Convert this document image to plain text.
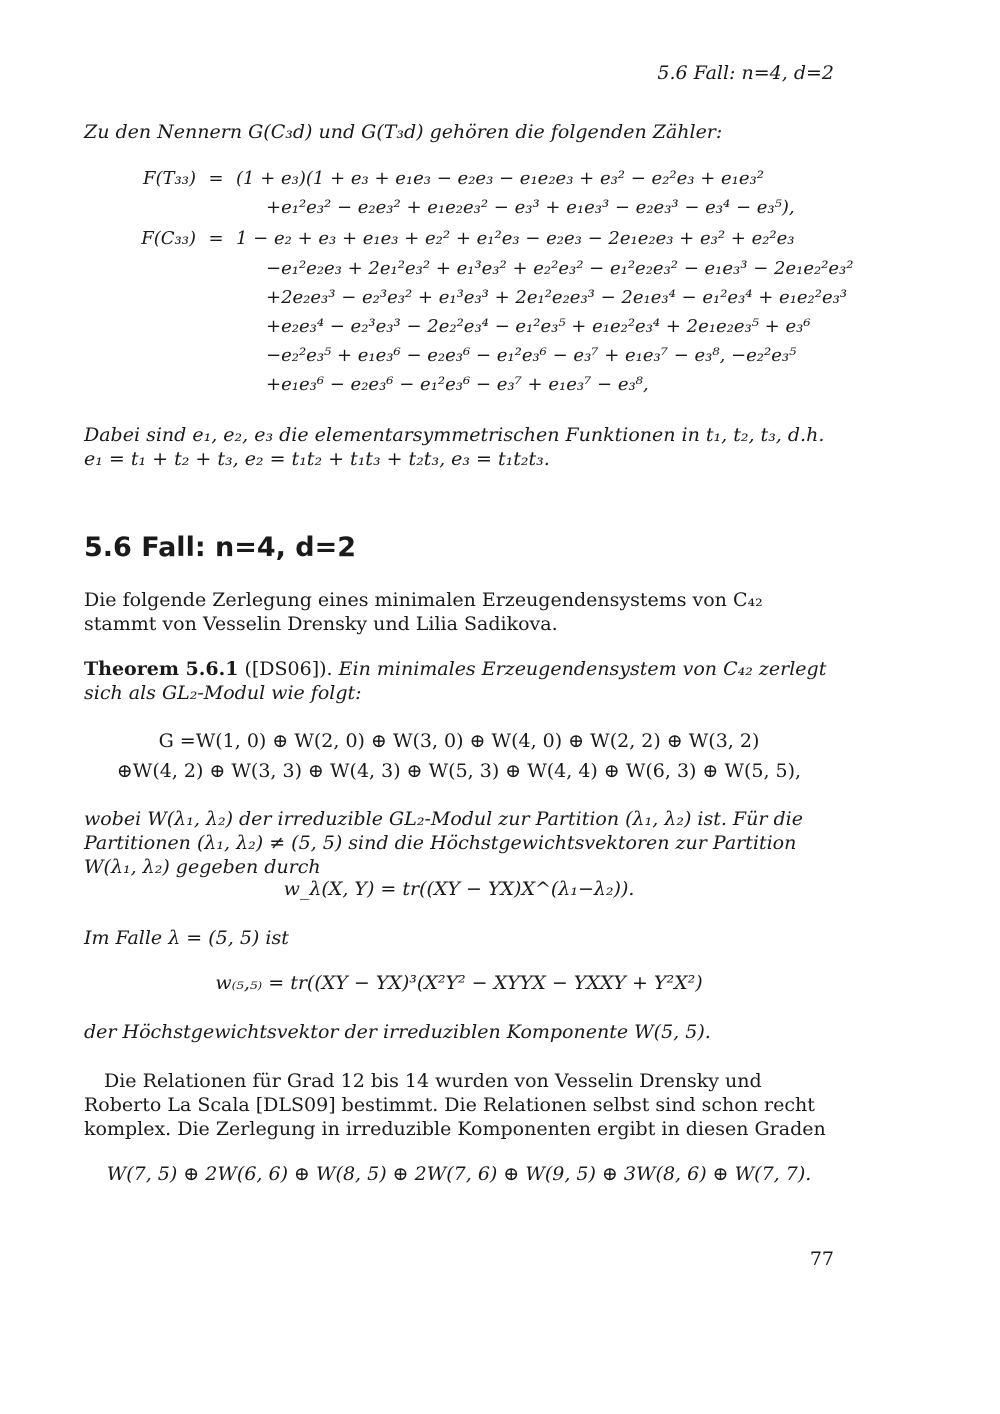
5.6 Fall: n=4, d=2
Zu den Nennern G(C₃d) und G(T₃d) gehören die folgenden Zähler:
F(T₃₃) = (1 + e₃)(1 + e₃ + e₁e₃ − e₂e₃ − e₁e₂e₃ + e₃² − e₂²e₃ + e₁e₃²
+e₁²e₃² − e₂e₃² + e₁e₂e₃² − e₃³ + e₁e₃³ − e₂e₃³ − e₃⁴ − e₃⁵),
F(C₃₃) = 1 − e₂ + e₃ + e₁e₃ + e₂² + e₁²e₃ − e₂e₃ − 2e₁e₂e₃ + e₃² + e₂²e₃
−e₁²e₂e₃ + 2e₁²e₃² + e₁³e₃² + e₂²e₃² − e₁²e₂e₃² − e₁e₃³ − 2e₁e₂²e₃²
+2e₂e₃³ − e₂³e₃² + e₁³e₃³ + 2e₁²e₂e₃³ − 2e₁e₃⁴ − e₁²e₃⁴ + e₁e₂²e₃³
+e₂e₃⁴ − e₂³e₃³ − 2e₂²e₃⁴ − e₁²e₃⁵ + e₁e₂²e₃⁴ + 2e₁e₂e₃⁵ + e₃⁶
−e₂²e₃⁵ + e₁e₃⁶ − e₂e₃⁶ − e₁²e₃⁶ − e₃⁷ + e₁e₃⁷ − e₃⁸, −e₂²e₃⁵
+e₁e₃⁶ − e₂e₃⁶ − e₁²e₃⁶ − e₃⁷ + e₁e₃⁷ − e₃⁸,
Dabei sind e₁, e₂, e₃ die elementarsymmetrischen Funktionen in t₁, t₂, t₃, d.h. e₁ = t₁ + t₂ + t₃, e₂ = t₁t₂ + t₁t₃ + t₂t₃, e₃ = t₁t₂t₃.
5.6 Fall: n=4, d=2
Die folgende Zerlegung eines minimalen Erzeugendensystems von C₄₂ stammt von Vesselin Drensky und Lilia Sadikova.
Theorem 5.6.1 ([DS06]). Ein minimales Erzeugendensystem von C₄₂ zerlegt sich als GL₂-Modul wie folgt:
G =W(1, 0) ⊕ W(2, 0) ⊕ W(3, 0) ⊕ W(4, 0) ⊕ W(2, 2) ⊕ W(3, 2)
⊕W(4, 2) ⊕ W(3, 3) ⊕ W(4, 3) ⊕ W(5, 3) ⊕ W(4, 4) ⊕ W(6, 3) ⊕ W(5, 5),
wobei W(λ₁, λ₂) der irreduzible GL₂-Modul zur Partition (λ₁, λ₂) ist. Für die Partitionen (λ₁, λ₂) ≠ (5, 5) sind die Höchstgewichtsvektoren zur Partition W(λ₁, λ₂) gegeben durch
w_λ(X, Y) = tr((XY − YX)X^(λ₁−λ₂)).
Im Falle λ = (5, 5) ist
w₍₅,₅₎ = tr((XY − YX)³(X²Y² − XYYX − YXXY + Y²X²)
der Höchstgewichtsvektor der irreduziblen Komponente W(5, 5).
Die Relationen für Grad 12 bis 14 wurden von Vesselin Drensky und Roberto La Scala [DLS09] bestimmt. Die Relationen selbst sind schon recht komplex. Die Zerlegung in irreduzible Komponenten ergibt in diesen Graden
W(7, 5) ⊕ 2W(6, 6) ⊕ W(8, 5) ⊕ 2W(7, 6) ⊕ W(9, 5) ⊕ 3W(8, 6) ⊕ W(7, 7).
77
